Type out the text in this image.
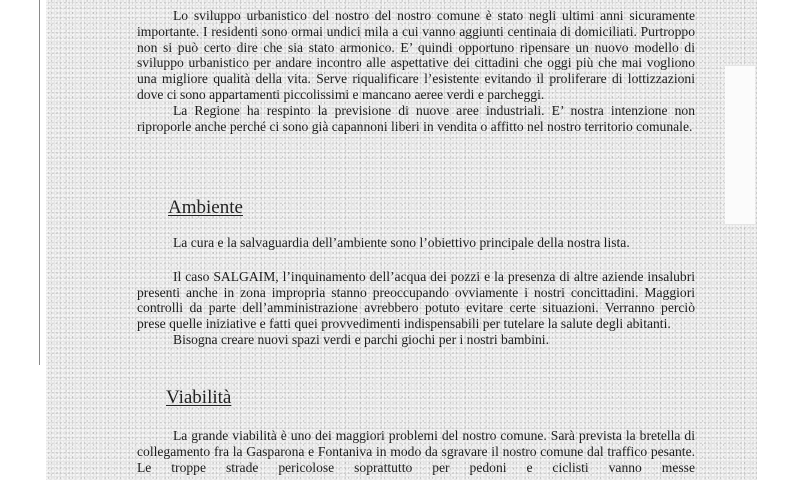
Lo sviluppo urbanistico del nostro del nostro comune è stato negli ultimi anni sicuramente importante. I residenti sono ormai undici mila a cui vanno aggiunti centinaia di domiciliati. Purtroppo non si può certo dire che sia stato armonico. E’ quindi opportuno ripensare un nuovo modello di sviluppo urbanistico per andare incontro alle aspettative dei cittadini che oggi più che mai vogliono una migliore qualità della vita. Serve riqualificare l’esistente evitando il proliferare di lottizzazioni dove ci sono appartamenti piccolissimi e mancano aerее verdi e parcheggi.

La Regione ha respinto la previsione di nuove aree industriali. E’ nostra intenzione non riproporle anche perché ci sono già capannoni liberi in vendita o affitto nel nostro territorio comunale.

Ambiente

La cura e la salvaguardia dell’ambiente sono l’obiettivo principale della nostra lista.

Il caso SALGAIM, l’inquinamento dell’acqua dei pozzi e la presenza di altre aziende insalubri presenti anche in zona impropria stanno preoccupando ovviamente i nostri concittadini. Maggiori controlli da parte dell’amministrazione avrebbero potuto evitare certe situazioni. Verranno perciò prese quelle iniziative e fatti quei provvedimenti indispensabili per tutelare la salute degli abitanti.

Bisogna creare nuovi spazi verdi e parchi giochi per i nostri bambini.

Viabilità

La grande viabilità è uno dei maggiori problemi del nostro comune. Sarà prevista la bretella di collegamento fra la Gasparona e Fontaniva in modo da sgravare il nostro comune dal traffico pesante. Le troppe strade pericolose soprattutto per pedoni e ciclisti vanno messe
